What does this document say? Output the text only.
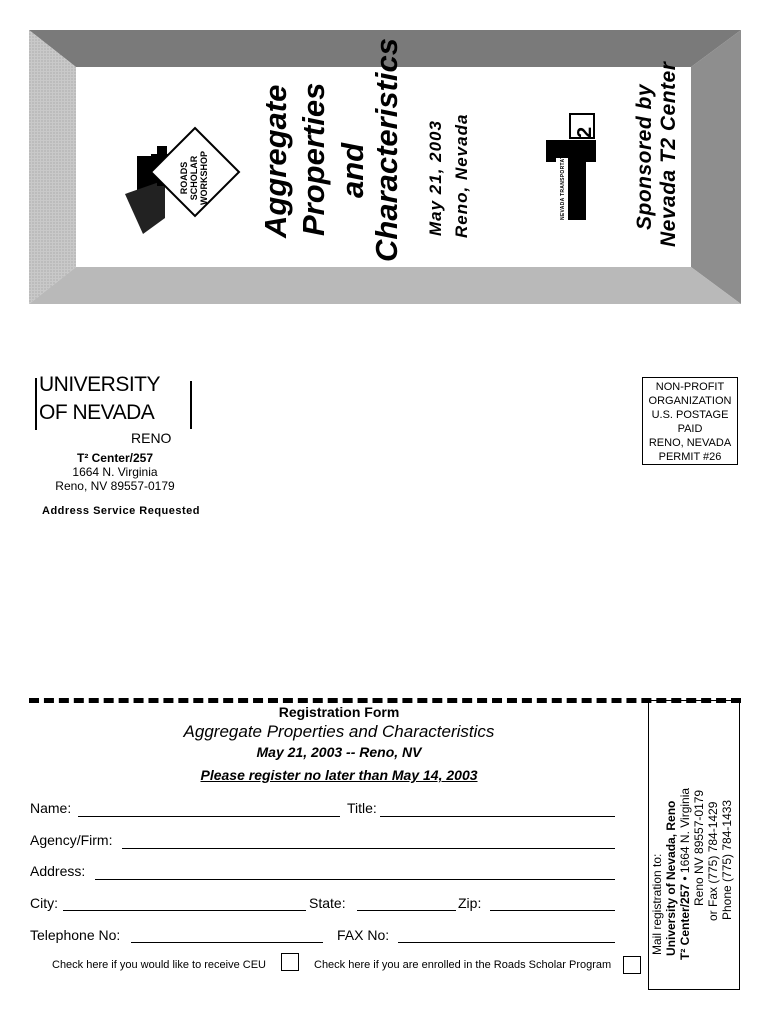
ROADS SCHOLAR WORKSHOP Aggregate Properties and Characteristics May 21, 2003 Reno, Nevada	NEVADA TRANSPORTATION
2 Sponsored by Nevada T2 Center
UNIVERSITY
OF NEVADA
RENO
T² Center/257
1664 N. Virginia
Reno, NV 89557-0179
Address Service Requested
NON-PROFIT
ORGANIZATION
U.S. POSTAGE
PAID
RENO, NEVADA
PERMIT #26
Registration Form
Aggregate Properties and Characteristics
May 21, 2003 -- Reno, NV
Please register no later than May 14, 2003
Name:	Title:
Agency/Firm:
Address:
City:	State:	Zip:
Telephone No:	FAX No:
Check here if you would like to receive CEU	Check here if you are enrolled in the Roads Scholar Program
Mail registration to: University of Nevada, Reno T² Center/257 • 1664 N. Virginia Reno NV 89557-0179 or Fax (775) 784-1429 Phone (775) 784-1433
